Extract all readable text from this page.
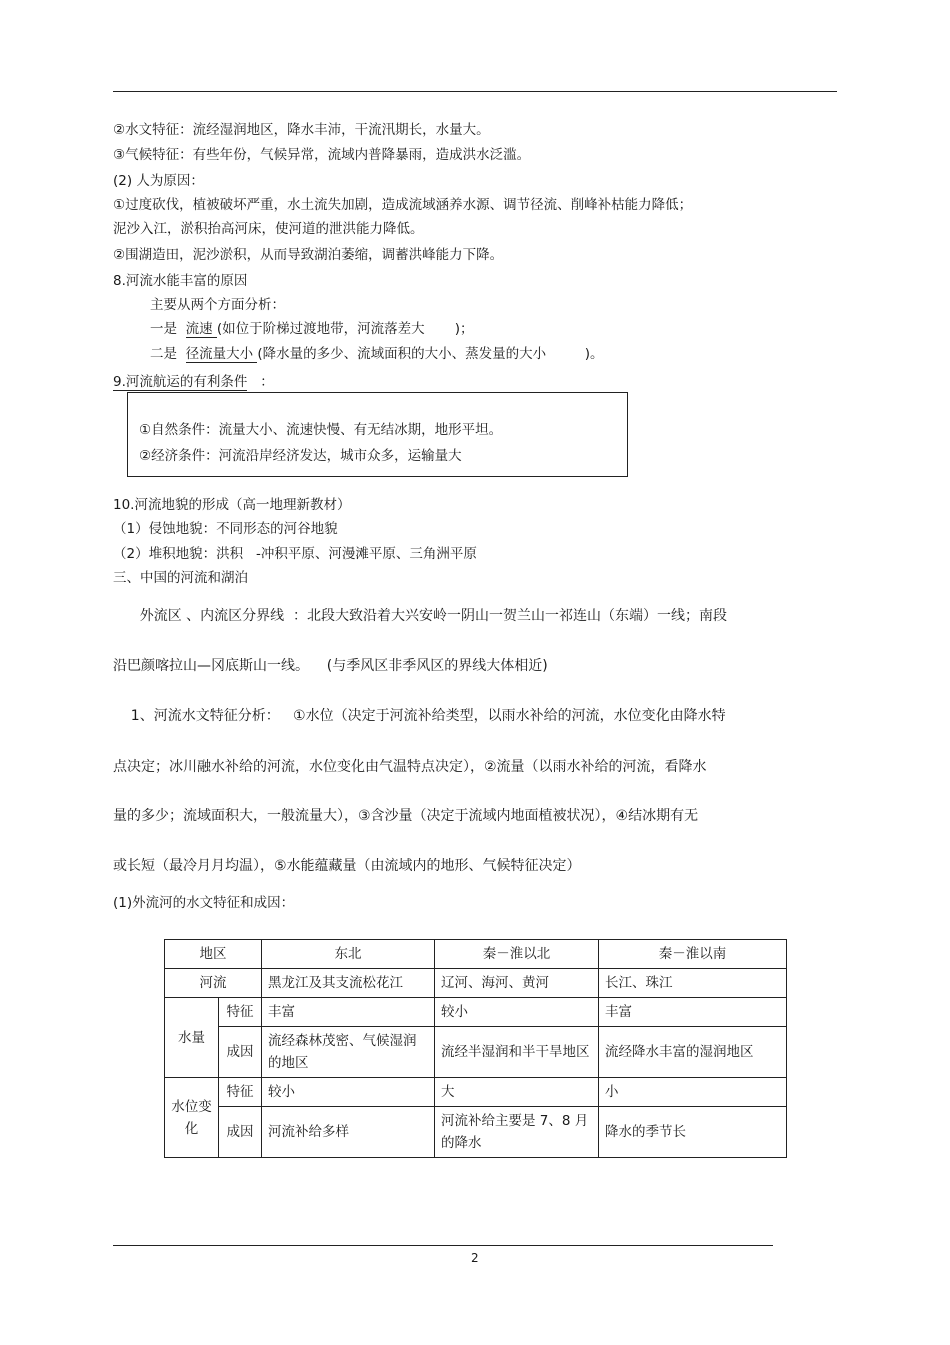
②水文特征：流经湿润地区，降水丰沛，干流汛期长，水量大。
③气候特征：有些年份，气候异常，流域内普降暴雨，造成洪水泛滥。
(2) 人为原因：
①过度砍伐，植被破坏严重，水土流失加剧，造成流域涵养水源、调节径流、削峰补枯能力降低；
泥沙入江，淤积抬高河床，使河道的泄洪能力降低。
②围湖造田，泥沙淤积，从而导致湖泊萎缩，调蓄洪峰能力下降。
8.河流水能丰富的原因
主要从两个方面分析：
一是  流速 (如位于阶梯过渡地带，河流落差大       )；
二是  径流量大小 (降水量的多少、流域面积的大小、蒸发量的大小         )。
9.河流航运的有利条件   ：
①自然条件：流量大小、流速快慢、有无结冰期，地形平坦。
②经济条件：河流沿岸经济发达，城市众多，运输量大
10.河流地貌的形成（高一地理新教材）
（1）侵蚀地貌：不同形态的河谷地貌
（2）堆积地貌：洪积   -冲积平原、河漫滩平原、三角洲平原
三、中国的河流和湖泊
外流区 、内流区分界线  ：北段大致沿着大兴安岭一阴山一贺兰山一祁连山（东端）一线；南段
沿巴颜喀拉山—冈底斯山一线。    (与季风区非季风区的界线大体相近)
1、河流水文特征分析：   ①水位（决定于河流补给类型，以雨水补给的河流，水位变化由降水特
点决定；冰川融水补给的河流，水位变化由气温特点决定），②流量（以雨水补给的河流，看降水
量的多少；流域面积大，一般流量大），③含沙量（决定于流域内地面植被状况），④结冰期有无
或长短（最冷月月均温），⑤水能蕴藏量（由流域内的地形、气候特征决定）
(1)外流河的水文特征和成因：
地区		东北	秦－淮以北	秦－淮以南
河流		黑龙江及其支流松花江	辽河、海河、黄河	长江、珠江
水量	特征	丰富	较小	丰富
	成因	流经森林茂密、气候湿润的地区	流经半湿润和半干旱地区	流经降水丰富的湿润地区
水位变化	特征	较小	大	小
	成因	河流补给多样	河流补给主要是 7、8 月的降水	降水的季节长
2
